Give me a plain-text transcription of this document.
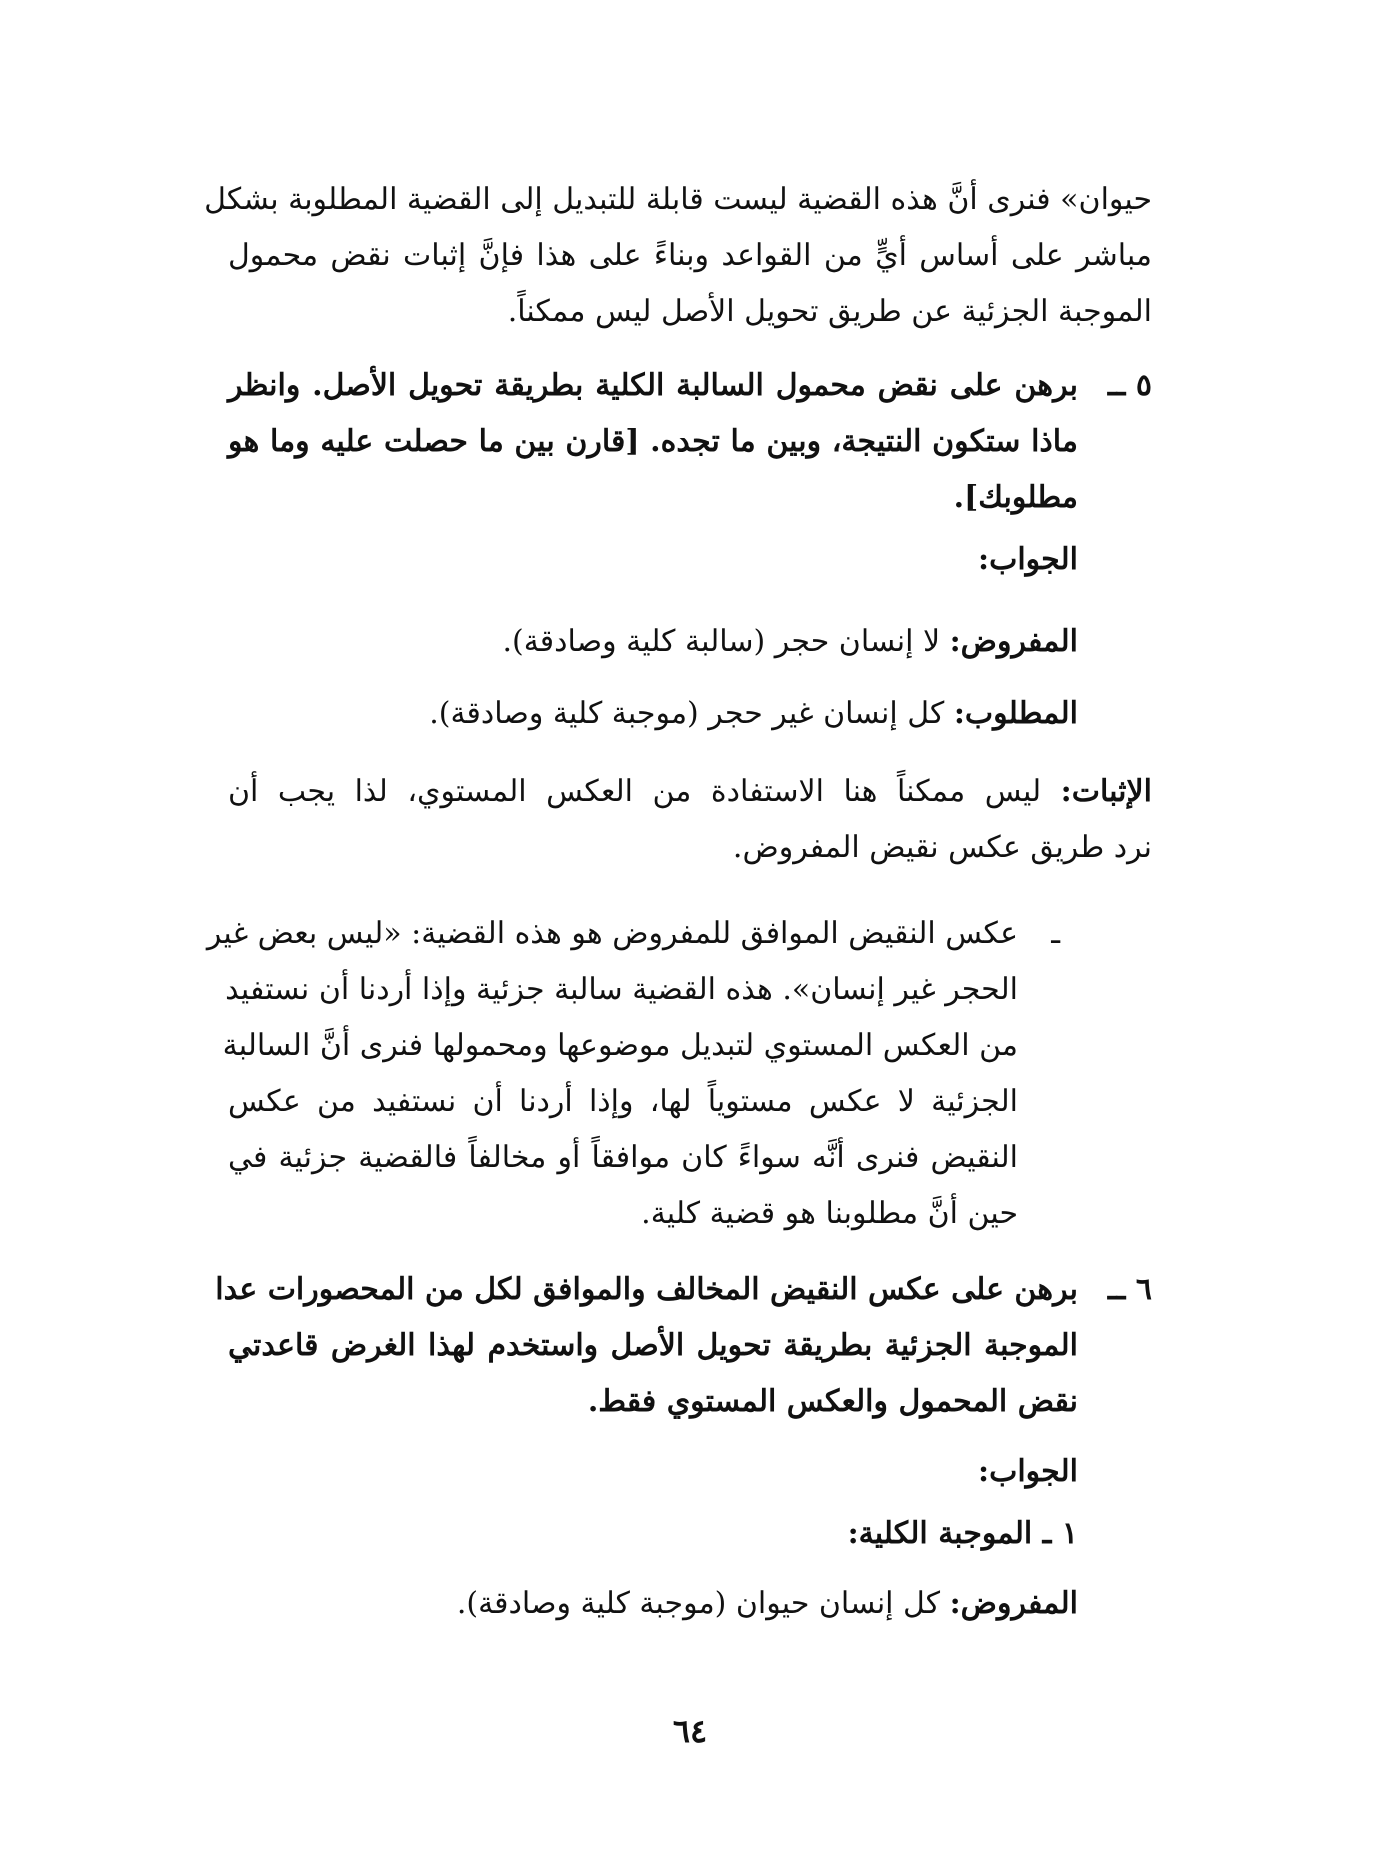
حيوان» فنرى أنَّ هذه القضية ليست قابلة للتبديل إلى القضية المطلوبة بشكل

مباشر على أساس أيٍّ من القواعد وبناءً على هذا فإنَّ إثبات نقض محمول

الموجبة الجزئية عن طريق تحويل الأصل ليس ممكناً.

٥ ــ

برهن على نقض محمول السالبة الكلية بطريقة تحويل الأصل. وانظر

ماذا ستكون النتيجة، وبين ما تجده. [قارن بين ما حصلت عليه وما هو

مطلوبك].

الجواب:

المفروض: لا إنسان حجر (سالبة كلية وصادقة).

المطلوب: كل إنسان غير حجر (موجبة كلية وصادقة).

الإثبات: ليس ممكناً هنا الاستفادة من العكس المستوي، لذا يجب أن

نرد طريق عكس نقيض المفروض.

ـ

عكس النقيض الموافق للمفروض هو هذه القضية: «ليس بعض غير

الحجر غير إنسان». هذه القضية سالبة جزئية وإذا أردنا أن نستفيد

من العكس المستوي لتبديل موضوعها ومحمولها فنرى أنَّ السالبة

الجزئية لا عكس مستوياً لها، وإذا أردنا أن نستفيد من عكس

النقيض فنرى أنَّه سواءً كان موافقاً أو مخالفاً فالقضية جزئية في

حين أنَّ مطلوبنا هو قضية كلية.

٦ ــ

برهن على عكس النقيض المخالف والموافق لكل من المحصورات عدا

الموجبة الجزئية بطريقة تحويل الأصل واستخدم لهذا الغرض قاعدتي

نقض المحمول والعكس المستوي فقط.

الجواب:

١ ـ الموجبة الكلية:

المفروض: كل إنسان حيوان (موجبة كلية وصادقة).

٦٤
